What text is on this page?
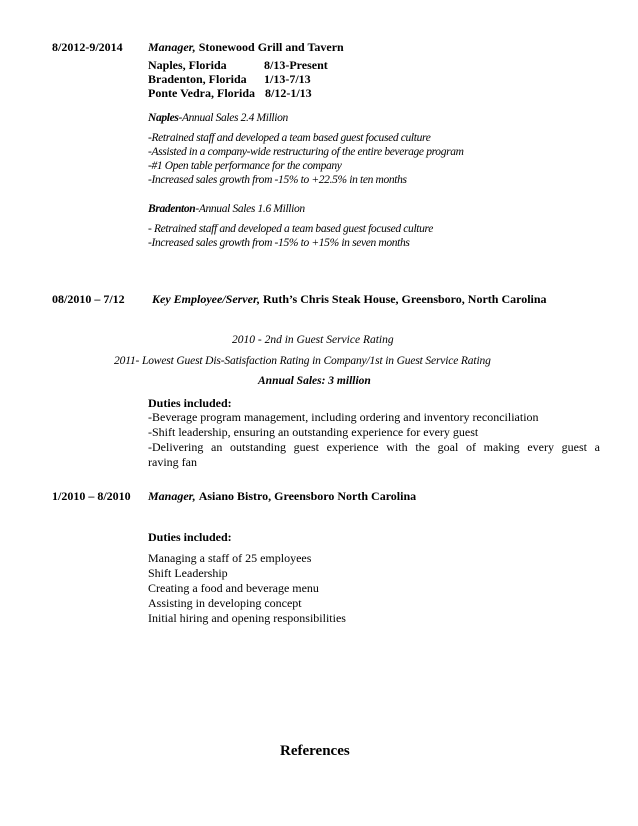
8/2012-9/2014 Manager, Stonewood Grill and Tavern
Naples, Florida	8/13-Present
Bradenton, Florida 1/13-7/13
Ponte Vedra, Florida 8/12-1/13
Naples-Annual Sales 2.4 Million
-Retrained staff and developed a team based guest focused culture
-Assisted in a company-wide restructuring of the entire beverage program
-#1 Open table performance for the company
-Increased sales growth from -15% to +22.5% in ten months
Bradenton-Annual Sales 1.6 Million
- Retrained staff and developed a team based guest focused culture
-Increased sales growth from -15% to +15% in seven months
08/2010 – 7/12 Key Employee/Server, Ruth’s Chris Steak House, Greensboro, North Carolina
2010 - 2nd in Guest Service Rating
2011- Lowest Guest Dis-Satisfaction Rating in Company/1st in Guest Service Rating
Annual Sales: 3 million
Duties included:
-Beverage program management, including ordering and inventory reconciliation
-Shift leadership, ensuring an outstanding experience for every guest
-Delivering an outstanding guest experience with the goal of making every guest a
raving fan
1/2010 – 8/2010 Manager, Asiano Bistro, Greensboro North Carolina
Duties included:
Managing a staff of 25 employees
Shift Leadership
Creating a food and beverage menu
Assisting in developing concept
Initial hiring and opening responsibilities
References
